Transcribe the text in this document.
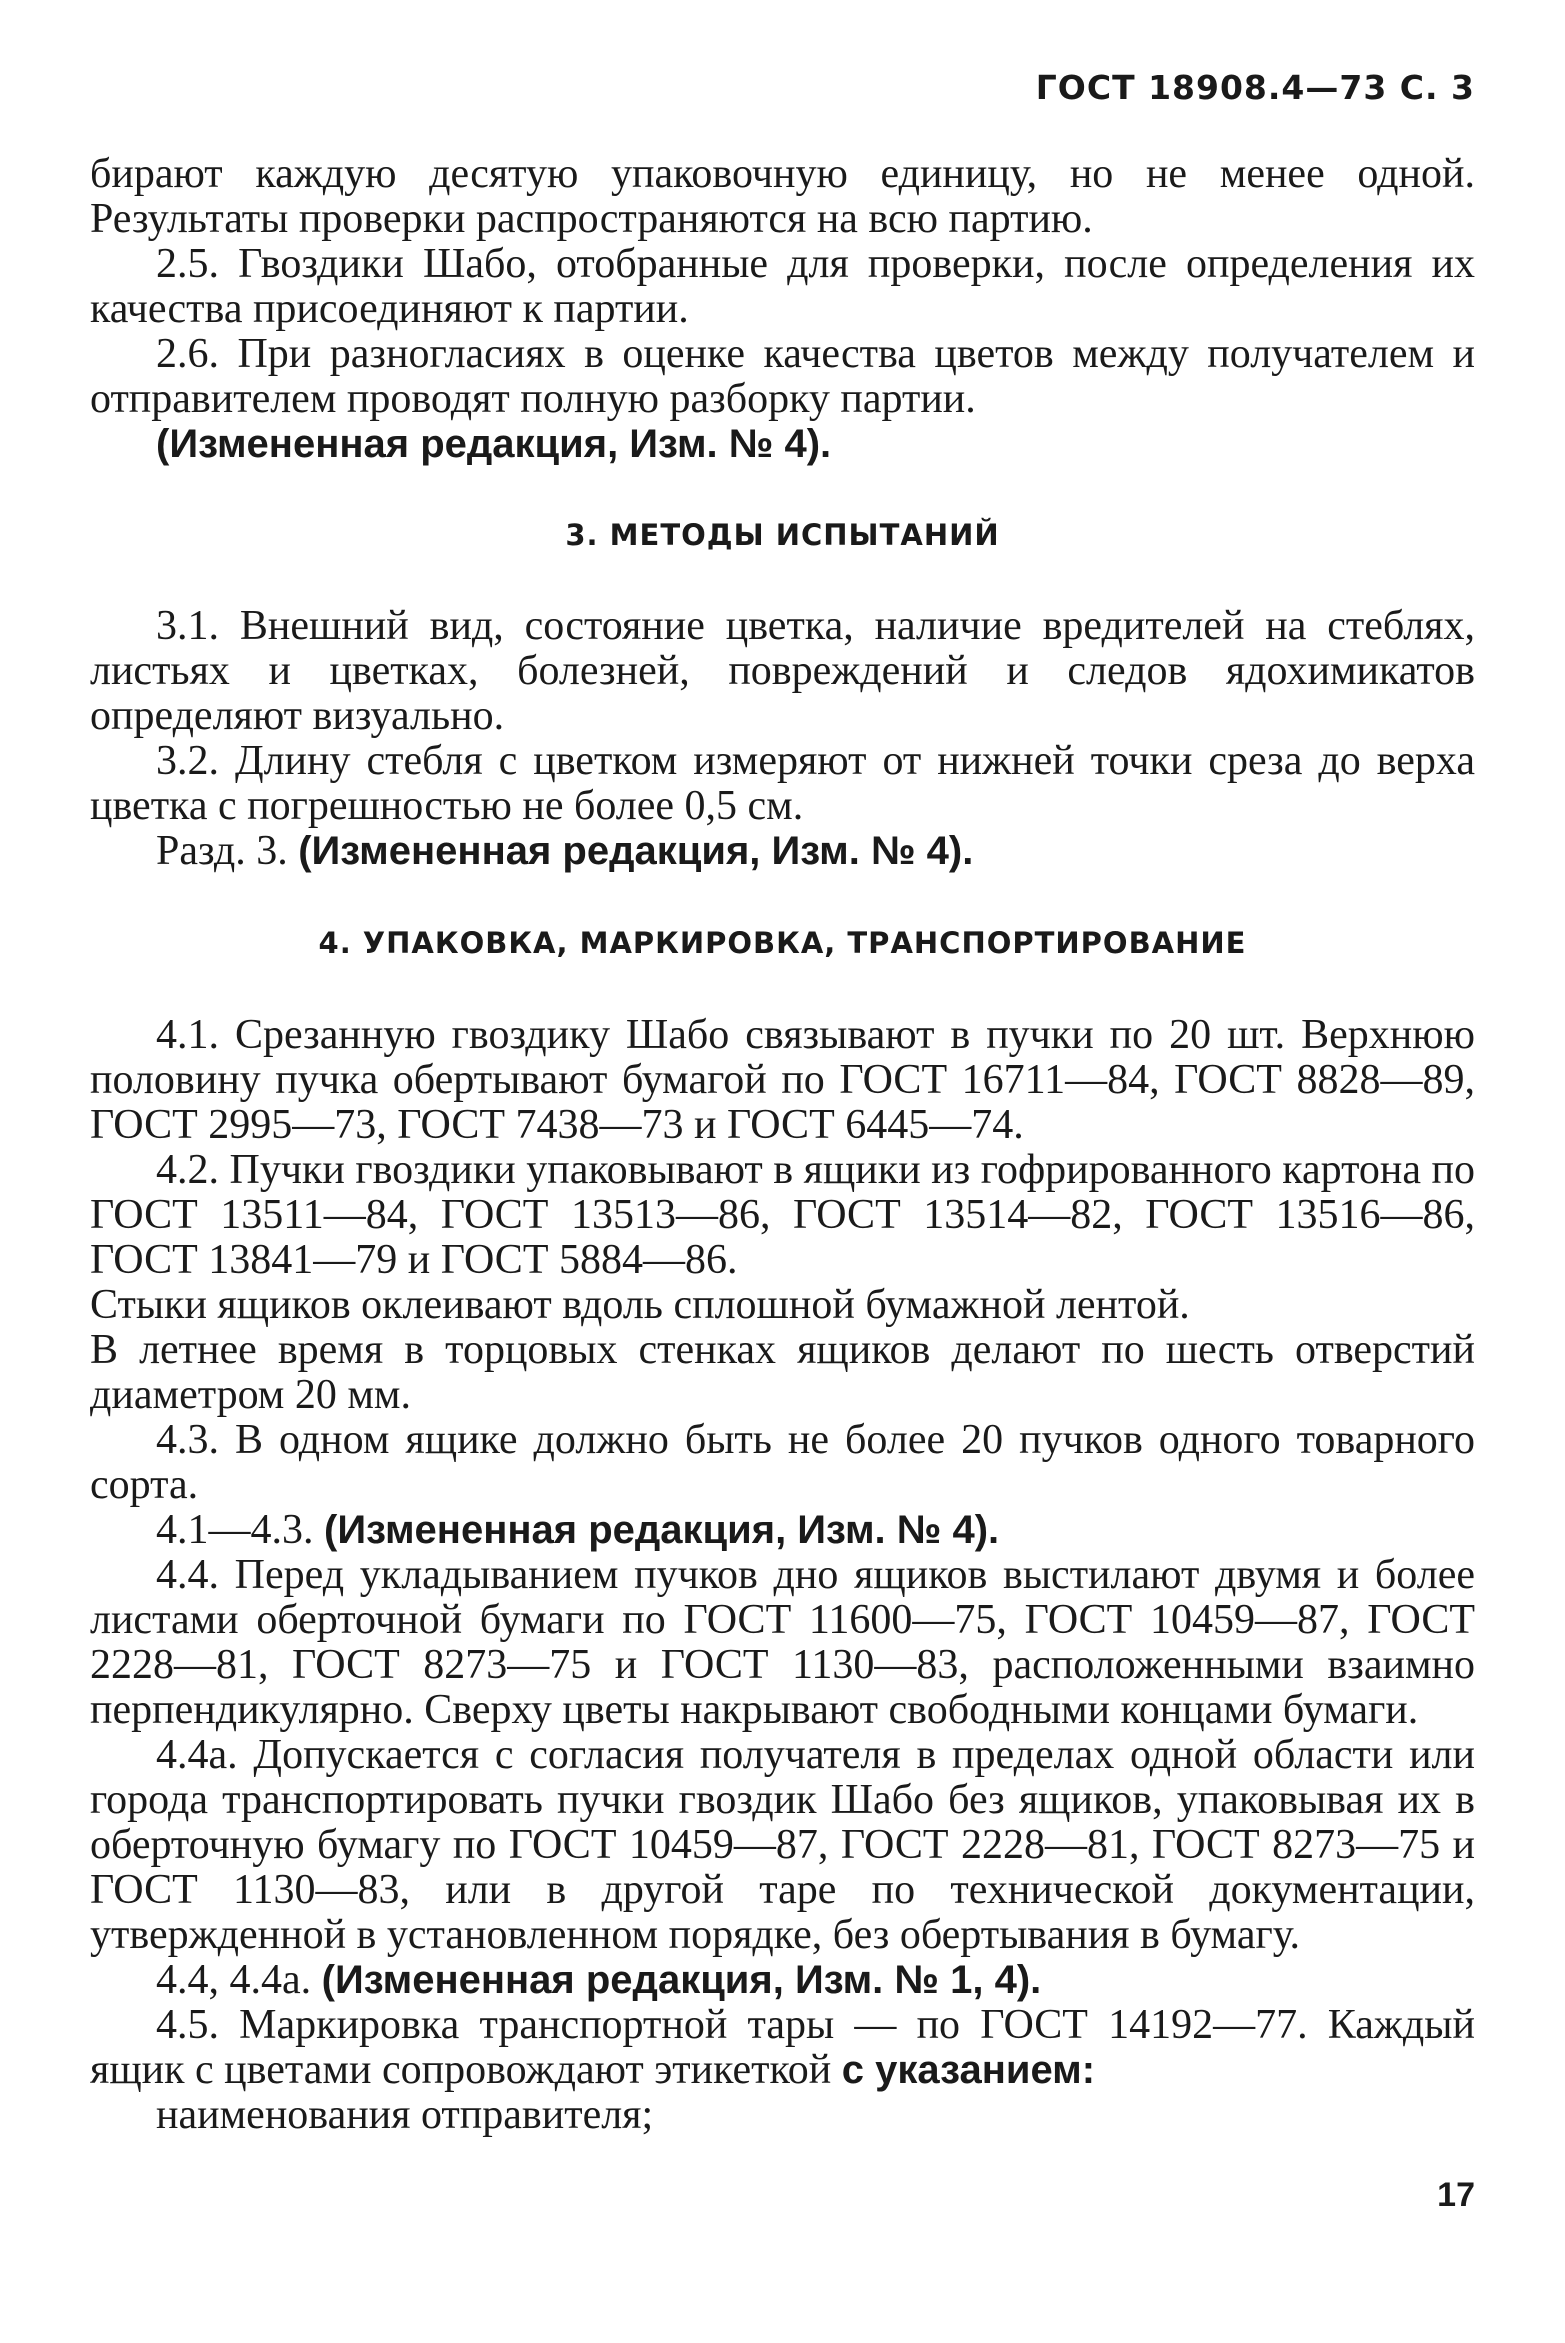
ГОСТ 18908.4—73 С. 3

бирают каждую десятую упаковочную единицу, но не менее одной. Результаты проверки распространяются на всю партию.

2.5. Гвоздики Шабо, отобранные для проверки, после определения их качества присоединяют к партии.

2.6. При разногласиях в оценке качества цветов между получателем и отправителем проводят полную разборку партии.

(Измененная редакция, Изм. № 4).

3. МЕТОДЫ ИСПЫТАНИЙ

3.1. Внешний вид, состояние цветка, наличие вредителей на стеблях, листьях и цветках, болезней, повреждений и следов ядохимикатов определяют визуально.

3.2. Длину стебля с цветком измеряют от нижней точки среза до верха цветка с погрешностью не более 0,5 см.

Разд. 3. (Измененная редакция, Изм. № 4).

4. УПАКОВКА, МАРКИРОВКА, ТРАНСПОРТИРОВАНИЕ

4.1. Срезанную гвоздику Шабо связывают в пучки по 20 шт. Верхнюю половину пучка обертывают бумагой по ГОСТ 16711—84, ГОСТ 8828—89, ГОСТ 2995—73, ГОСТ 7438—73 и ГОСТ 6445—74.

4.2. Пучки гвоздики упаковывают в ящики из гофрированного картона по ГОСТ 13511—84, ГОСТ 13513—86, ГОСТ 13514—82, ГОСТ 13516—86, ГОСТ 13841—79 и ГОСТ 5884—86.

Стыки ящиков оклеивают вдоль сплошной бумажной лентой.

В летнее время в торцовых стенках ящиков делают по шесть отверстий диаметром 20 мм.

4.3. В одном ящике должно быть не более 20 пучков одного товарного сорта.

4.1—4.3. (Измененная редакция, Изм. № 4).

4.4. Перед укладыванием пучков дно ящиков выстилают двумя и более листами оберточной бумаги по ГОСТ 11600—75, ГОСТ 10459—87, ГОСТ 2228—81, ГОСТ 8273—75 и ГОСТ 1130—83, расположенными взаимно перпендикулярно. Сверху цветы накрывают свободными концами бумаги.

4.4а. Допускается с согласия получателя в пределах одной области или города транспортировать пучки гвоздик Шабо без ящиков, упаковывая их в оберточную бумагу по ГОСТ 10459—87, ГОСТ 2228—81, ГОСТ 8273—75 и ГОСТ 1130—83, или в другой таре по технической документации, утвержденной в установленном порядке, без обертывания в бумагу.

4.4, 4.4а. (Измененная редакция, Изм. № 1, 4).

4.5. Маркировка транспортной тары — по ГОСТ 14192—77. Каждый ящик с цветами сопровождают этикеткой с указанием:

наименования отправителя;

17
